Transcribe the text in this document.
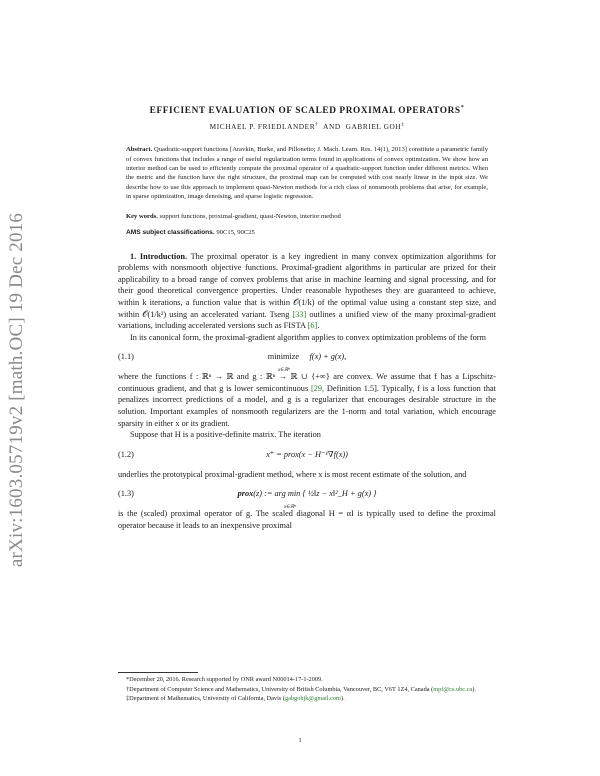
arXiv:1603.05719v2 [math.OC] 19 Dec 2016
EFFICIENT EVALUATION OF SCALED PROXIMAL OPERATORS*
MICHAEL P. FRIEDLANDER† AND GABRIEL GOH‡
Abstract. Quadratic-support functions [Aravkin, Burke, and Pillonetto; J. Mach. Learn. Res. 14(1), 2013] constitute a parametric family of convex functions that includes a range of useful regularization terms found in applications of convex optimization. We show how an interior method can be used to efficiently compute the proximal operator of a quadratic-support function under different metrics. When the metric and the function have the right structure, the proximal map can be computed with cost nearly linear in the input size. We describe how to use this approach to implement quasi-Newton methods for a rich class of nonsmooth problems that arise, for example, in sparse optimization, image denoising, and sparse logistic regression.
Key words. support functions, proximal-gradient, quasi-Newton, interior method
AMS subject classifications. 90C15, 90C25

1. Introduction. The proximal operator is a key ingredient in many convex optimization algorithms for problems with nonsmooth objective functions. Proximal-gradient algorithms in particular are prized for their applicability to a broad range of convex problems that arise in machine learning and signal processing, and for their good theoretical convergence properties. Under reasonable hypotheses they are guaranteed to achieve, within k iterations, a function value that is within 𝒪(1/k) of the optimal value using a constant step size, and within 𝒪(1/k²) using an accelerated variant. Tseng [33] outlines a unified view of the many proximal-gradient variations, including accelerated versions such as FISTA [6].

In its canonical form, the proximal-gradient algorithm applies to convex optimization problems of the form

(1.1)	minimize f(x) + g(x),
x∈ℝⁿ

where the functions f : ℝⁿ → ℝ and g : ℝⁿ → ℝ ∪ {+∞} are convex. We assume that f has a Lipschitz-continuous gradient, and that g is lower semicontinuous [29, Definition 1.5]. Typically, f is a loss function that penalizes incorrect predictions of a model, and g is a regularizer that encourages desirable structure in the solution. Important examples of nonsmooth regularizers are the 1-norm and total variation, which encourage sparsity in either x or its gradient.

Suppose that H is a positive-definite matrix. The iteration

(1.2)	x⁺ = prox(x − H⁻¹∇f(x))

underlies the prototypical proximal-gradient method, where x is most recent estimate of the solution, and

(1.3)	prox(z) := arg min { ½‖z − x‖²_H + g(x) }
x∈ℝⁿ

is the (scaled) proximal operator of g. The scaled diagonal H = αI is typically used to define the proximal operator because it leads to an inexpensive proximal

*December 20, 2016. Research supported by ONR award N00014-17-1-2009.

†Department of Computer Science and Mathematics, University of British Columbia, Vancouver, BC, V6T 1Z4, Canada (mpf@cs.ubc.ca).

‡Department of Mathematics, University of California, Davis (gabgohjk@gmail.com).

1
